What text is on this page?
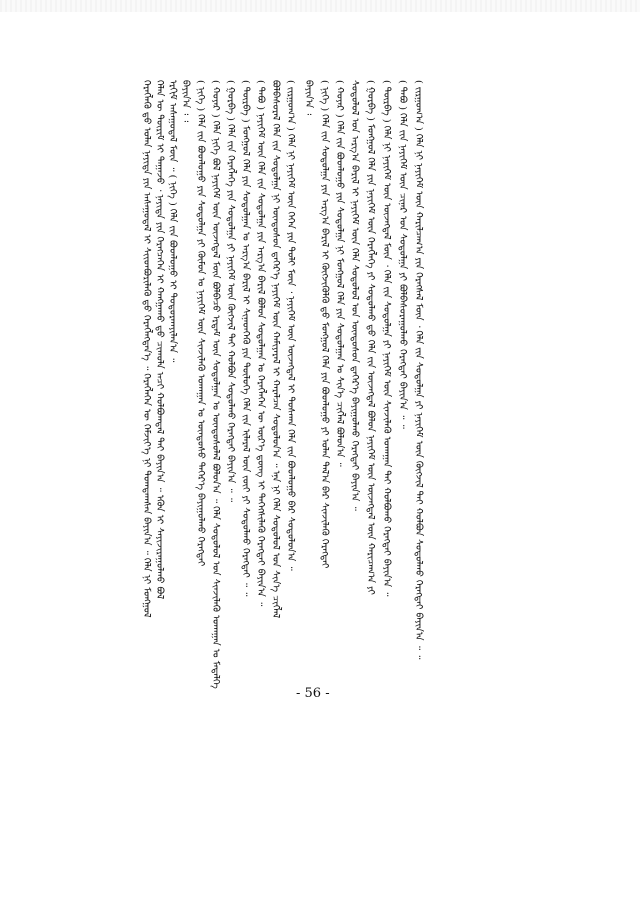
ᠬᠡᠷᠡᠭᠯᠡᠬᠦ ᠳ᠋ᠤ ᠣᠯᠠᠨ ᠨᠡᠶᠢᠲᠡ ᠶᠢᠨ ᠠᠰᠠᠭᠤᠳᠠᠯ ᠢ ᠰᠢᠢᠳᠪᠦᠷᠢᠯᠡᠬᠦ ᠳ᠋ᠤ ᠬᠡᠷᠡᠭᠯᠡᠭᠳᠡᠨ᠎ᠡ ᠃ ᠬᠡᠷᠡᠭᠯᠡᠭᠡᠨ ᠦ ᠬᠡᠮᠵᠢᠶ᠎ᠡ ᠨᠢ ᠲᠣᠭᠲᠠᠭᠰᠠᠨ ᠪᠠᠶᠢᠨ᠎ᠠ ᠃ ᠬᠡᠯᠡ ᠨᠢ ᠮᠣᠩᠭᠣᠯ ᠬᠡᠯᠡᠨ ᠦ ᠳᠦᠷᠢᠮ ᠢ ᠳᠠᠭᠠᠵᠤ ᠂ ᠨᠡᠶᠢᠲᠡ ᠶᠢᠨ ᠬᠡᠷᠡᠭᠴᠡᠭᠡᠨ ᠢ ᠬᠠᠩᠭᠠᠬᠤ ᠳ᠋ᠤ ᠴᠢᠬᠤᠯᠠ ᠠᠴᠢ ᠬᠣᠯᠪᠣᠭᠳᠠᠯ ᠲᠠᠢ ᠪᠠᠶᠢᠨ᠎ᠠ ᠃ ᠡᠭᠦᠨ ᠢ ᠰᠠᠶᠢᠵᠢᠷᠠᠭᠤᠯᠬᠤ ᠪᠣᠯ ᠡᠷᠬᠢᠮ ᠠᠰᠠᠭᠤᠳᠠᠯ ᠮᠥᠨ ᠃ ( ᠨᠢᠭᠡ ) ᠬᠡᠯᠡ ᠵᠢᠨ ᠪᠣᠳᠯᠣᠭᠣ ᠢ ᠲᠣᠳᠣᠷᠬᠠᠶᠢᠯᠠᠨ᠎ᠠ ᠃ ᠪᠠᠶᠢᠨ᠎ᠠ ᠄ ᠄ ( ᠨᠢᠭᠡ ) ᠬᠡᠯᠡ ᠵᠢᠨ ᠪᠣᠳᠯᠣᠭᠣ ᠶᠢᠨ ᠰᠤᠳᠤᠯᠭᠠ ᠶᠢ ᠬᠦᠮᠦᠨ ᠤ ᠨᠡᠶᠢᠭᠡᠮ ᠦᠨ ᠰᠢᠨᠵᠢᠯᠡᠬᠦ ᠤᠬᠠᠭᠠᠨ ᠤ ᠦᠨᠳᠦᠰᠦ ᠳᠡᠭᠡᠷ᠎ᠡ ᠪᠠᠶᠢᠭᠤᠯᠬᠤ ᠬᠡᠷᠡᠭᠲᠡᠢ ( ᠬᠣᠶᠠᠷ ) ᠬᠡᠯᠡ ᠨᠢᠭᠡ ᠪᠣᠯ ᠨᠡᠶᠢᠭᠡᠮ ᠦᠨ ᠦᠵᠡᠭᠳᠡᠯ ᠮᠥᠨ ᠪᠣᠯᠪᠠᠴᠤ ᠡᠷᠳᠡᠮ ᠦᠨ ᠰᠤᠳᠤᠯᠭᠠᠨ ᠤ ᠦᠨᠳᠦᠰᠦᠯᠡᠯ ᠪᠣᠯᠤᠨ᠎ᠠ ᠃ ᠬᠡᠯᠡ ᠰᠤᠳᠤᠯᠤᠯ ᠤᠨ ᠰᠢᠨᠵᠢᠯᠡᠬᠦ ᠤᠬᠠᠭᠠᠨ ᠤ ᠮᠡᠳᠡᠯᠭᠡ ( ᠭᠤᠷᠪᠠ ) ᠬᠡᠯᠡ ᠵᠢᠨ ᠬᠡᠷᠡᠭᠯᠡᠭᠡ ᠶᠢᠨ ᠰᠤᠳᠤᠯᠭᠠ ᠶᠢ ᠨᠡᠶᠢᠭᠡᠮ ᠦᠨ ᠬᠥᠭᠵᠢᠯ ᠲᠡᠢ ᠬᠣᠯᠪᠣᠨ ᠰᠤᠳᠤᠯᠬᠤ ᠬᠡᠷᠡᠭᠲᠡᠢ ᠪᠠᠶᠢᠨ᠎ᠠ ᠃ ᠃ ( ᠳᠥᠷᠪᠡ ) ᠮᠣᠩᠭᠣᠯ ᠬᠡᠯᠡ ᠶᠢᠨ ᠰᠤᠳᠤᠯᠭᠠᠨ ᠤ ᠠᠷᠭ᠎ᠠ ᠪᠠᠷᠢᠯ ᠢ ᠰᠢᠨᠡᠳᠬᠡᠬᠦ ᠶᠢᠨ ᠲᠥᠯᠦᠭᠡ ᠬᠡᠯᠡ ᠵᠢᠨ ᠢᠯᠡᠷᠡᠯ ᠦᠨ ᠵᠦᠢ ᠶᠢ ᠰᠤᠳᠤᠯᠬᠤ ᠬᠡᠷᠡᠭᠲᠡᠢ ᠃ ᠃ ( ᠲᠠᠪᠤ ) ᠨᠡᠶᠢᠭᠡᠮ ᠦᠨ ᠬᠡᠯᠡ ᠵᠢᠨ ᠰᠤᠳᠤᠯᠭᠠ ᠶᠢᠨ ᠠᠷᠭ᠎ᠠ ᠪᠠᠷᠢᠯ ᠪᠣᠯᠤᠨ ᠰᠤᠳᠤᠯᠭᠠᠨ ᠤ ᠬᠡᠷᠡᠭᠯᠡᠭᠡᠨ ᠦ ᠦᠷ᠎ᠡ ᠳ᠋ᠦᠩ ᠢ ᠳᠡᠭᠡᠭᠰᠢᠯᠡᠬᠦ ᠬᠡᠷᠡᠭᠲᠡᠢ ᠪᠠᠶᠢᠨ᠎ᠠ ᠃ ᠪᠣᠯᠪᠠᠰᠤᠷᠠᠯ ᠬᠡᠯᠡ ᠵᠢᠨ ᠰᠤᠳᠤᠯᠭᠠ ᠨᠢ ᠦᠨᠳᠦᠰᠦᠨ ᠳ᠋ᠡᠭᠡᠷ᠎ᠡ ᠨᠡᠶᠢᠭᠡᠮ ᠦᠨ ᠬᠠᠮᠢᠶᠠᠷᠠᠯ ᠢ ᠬᠠᠷᠠᠯᠴᠠᠨ ᠰᠤᠳᠤᠯᠤᠨ᠎ᠠ ᠃ ᠡᠨᠡ ᠨᠢ ᠬᠡᠯᠡ ᠰᠤᠳᠤᠯᠤᠯ ᠤᠨ ᠰᠢᠨ᠎ᠡ ᠴᠢᠭᠯᠡᠯ ( ᠵᠢᠷᠭᠤᠭ᠎ᠠ ) ᠬᠡᠯᠡ ᠨᠢ ᠨᠡᠶᠢᠭᠡᠮ ᠦᠨ ᠭᠡᠭᠡᠨ ᠶᠢᠨ ᠲᠣᠯᠢ ᠮᠥᠨ ᠂ ᠨᠡᠶᠢᠭᠡᠮ ᠦᠨ ᠦᠵᠡᠭᠳᠡᠯ ᠢ ᠲᠤᠰᠬᠠᠨ ᠬᠡᠯᠡ ᠵᠢᠨ ᠪᠣᠳᠯᠣᠭᠣ ᠪᠠᠷ ᠰᠤᠳᠤᠯᠤᠨ᠎ᠠ ᠃ ᠪᠠᠶᠢᠨ᠎ᠠ ᠄ ( ᠨᠢᠭᠡ ) ᠬᠡᠯᠡ ᠵᠢᠨ ᠰᠤᠳᠤᠯᠭᠠ ᠶᠢᠨ ᠠᠷᠭ᠎ᠠ ᠪᠠᠷᠢᠯ ᠢ ᠬᠥᠭᠵᠢᠭᠦᠯᠬᠦ ᠳ᠋ᠤ ᠮᠣᠩᠭᠣᠯ ᠬᠡᠯᠡ ᠶᠢᠨ ᠪᠣᠳᠯᠣᠭᠣ ᠶᠢ ᠣᠯᠠᠨ ᠲᠠᠯ᠎ᠠ ᠪᠠᠷ ᠰᠢᠨᠵᠢᠯᠡᠬᠦ ᠬᠡᠷᠡᠭᠲᠡᠢ ( ᠬᠣᠶᠠᠷ ) ᠬᠡᠯᠡ ᠵᠢᠨ ᠪᠣᠳᠯᠣᠭᠣ ᠶᠢᠨ ᠰᠤᠳᠤᠯᠭᠠ ᠨᠢ ᠮᠣᠩᠭᠣᠯ ᠬᠡᠯᠡ ᠶᠢᠨ ᠰᠤᠳᠤᠯᠭᠠᠨ ᠤ ᠰᠢᠨ᠎ᠡ ᠴᠢᠭᠯᠡᠯ ᠪᠣᠯᠤᠨ᠎ᠠ ᠃ ᠰᠤᠳᠤᠯᠤᠯ ᠤᠨ ᠠᠷᠭ᠎ᠠ ᠪᠠᠷᠢᠯ ᠢ ᠨᠡᠶᠢᠭᠡᠮ ᠦᠨ ᠬᠡᠯᠡ ᠰᠤᠳᠤᠯᠤᠯ ᠤᠨ ᠦᠨᠳᠦᠰᠦᠨ ᠳ᠋ᠡᠭᠡᠷ᠎ᠡ ᠪᠠᠶᠢᠭᠤᠯᠬᠤ ᠬᠡᠷᠡᠭᠲᠡᠢ ᠪᠠᠶᠢᠨ᠎ᠠ ᠃ ( ᠭᠤᠷᠪᠠ ) ᠮᠣᠩᠭᠣᠯ ᠬᠡᠯᠡ ᠶᠢᠨ ᠨᠡᠶᠢᠭᠡᠮ ᠦᠨ ᠬᠡᠷᠡᠭᠯᠡᠭᠡ ᠶᠢ ᠰᠤᠳᠤᠯᠬᠤ ᠳ᠋ᠤ ᠬᠡᠯᠡ ᠵᠢᠨ ᠦᠵᠡᠭᠳᠡᠯ ᠪᠣᠯᠤᠨ ᠨᠡᠶᠢᠭᠡᠮ ᠦᠨ ᠦᠵᠡᠭᠳᠡᠯ ᠦᠨ ᠬᠠᠷᠢᠴᠠᠭ᠎ᠠ ᠶᠢ ( ᠳᠥᠷᠪᠡ ) ᠬᠡᠯᠡ ᠨᠢ ᠨᠡᠶᠢᠭᠡᠮ ᠦᠨ ᠦᠵᠡᠭᠳᠡᠯ ᠮᠥᠨ ᠂ ᠬᠡᠯᠡ ᠵᠢᠨ ᠰᠤᠳᠤᠯᠭᠠ ᠶᠢ ᠨᠡᠶᠢᠭᠡᠮ ᠦᠨ ᠰᠢᠨᠵᠢᠯᠡᠬᠦ ᠤᠬᠠᠭᠠᠨ ᠲᠠᠢ ᠬᠣᠯᠪᠣᠬᠤ ᠬᠡᠷᠡᠭᠲᠡᠢ ᠪᠠᠶᠢᠨ᠎ᠠ ᠃ ( ᠲᠠᠪᠤ ) ᠬᠡᠯᠡ ᠵᠢᠨ ᠨᠡᠶᠢᠭᠡᠮ ᠦᠨ ᠴᠢᠨᠠᠷ ᠤᠨ ᠰᠤᠳᠤᠯᠭᠠ ᠶᠢ ᠪᠣᠯᠪᠠᠰᠤᠷᠠᠭᠤᠯᠬᠤ ᠬᠡᠷᠡᠭᠲᠡᠢ ᠪᠠᠶᠢᠨ᠎ᠠ ᠃ ᠃ ( ᠵᠢᠷᠭᠤᠭ᠎ᠠ ) ᠬᠡᠯᠡ ᠨᠢ ᠨᠡᠶᠢᠭᠡᠮ ᠦᠨ ᠬᠠᠷᠢᠯᠴᠠᠭ᠎ᠠ ᠶᠢᠨ ᠬᠡᠷᠡᠭᠰᠡᠯ ᠮᠥᠨ ᠂ ᠬᠡᠯᠡ ᠵᠢᠨ ᠰᠤᠳᠤᠯᠭᠠ ᠶᠢ ᠨᠡᠶᠢᠭᠡᠮ ᠦᠨ ᠬᠥᠭᠵᠢᠯ ᠲᠡᠢ ᠬᠣᠯᠪᠣᠨ ᠰᠤᠳᠤᠯᠬᠤ ᠬᠡᠷᠡᠭᠲᠡᠢ ᠪᠠᠶᠢᠨ᠎ᠠ ᠃ ᠃
- 56 -
